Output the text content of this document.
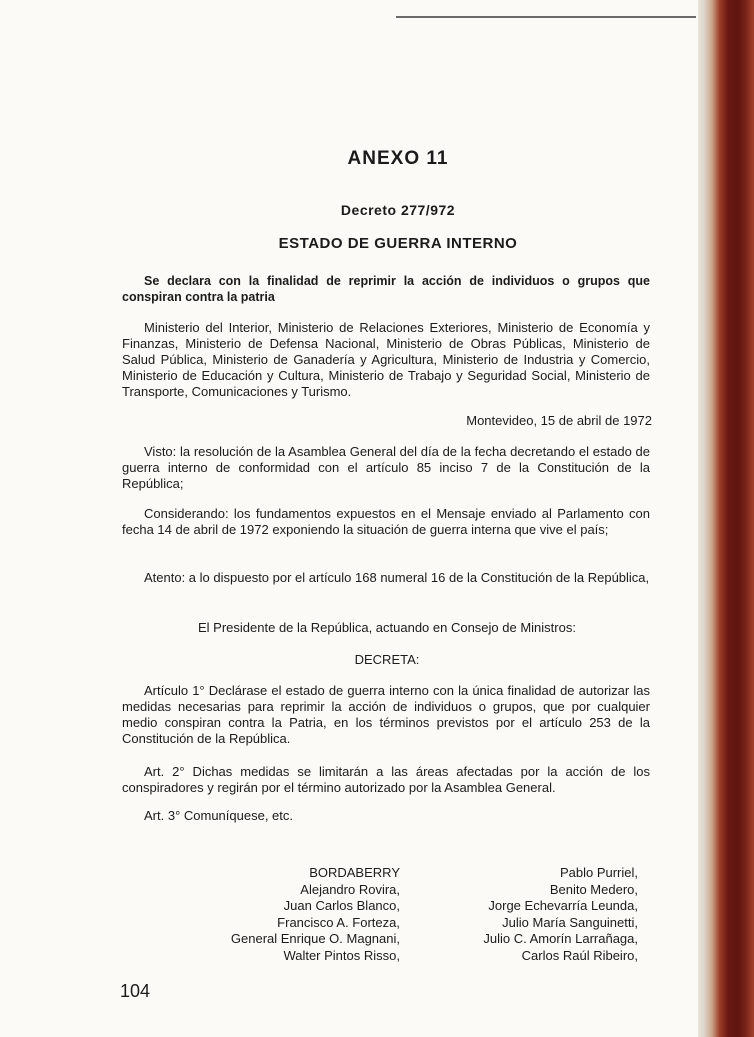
ANEXO 11
Decreto 277/972
ESTADO DE GUERRA INTERNO

Se declara con la finalidad de reprimir la acción de individuos o grupos que conspiran contra la patria

Ministerio del Interior, Ministerio de Relaciones Exteriores, Ministerio de Economía y Finanzas, Ministerio de Defensa Nacional, Ministerio de Obras Públicas, Ministerio de Salud Pública, Ministerio de Ganadería y Agricultura, Ministerio de Industria y Comercio, Ministerio de Educación y Cultura, Ministerio de Trabajo y Seguridad Social, Ministerio de Transporte, Comunicaciones y Turismo.

Montevideo, 15 de abril de 1972

Visto: la resolución de la Asamblea General del día de la fecha decretando el estado de guerra interno de conformidad con el artículo 85 inciso 7 de la Constitución de la República;

Considerando: los fundamentos expuestos en el Mensaje enviado al Parlamento con fecha 14 de abril de 1972 exponiendo la situación de guerra interna que vive el país;

Atento: a lo dispuesto por el artículo 168 numeral 16 de la Constitución de la República,

El Presidente de la República, actuando en Consejo de Ministros:
DECRETA:

Artículo 1° Declárase el estado de guerra interno con la única finalidad de autorizar las medidas necesarias para reprimir la acción de individuos o grupos, que por cualquier medio conspiran contra la Patria, en los términos previstos por el artículo 253 de la Constitución de la República.

Art. 2° Dichas medidas se limitarán a las áreas afectadas por la acción de los conspiradores y regirán por el término autorizado por la Asamblea General.

Art. 3° Comuníquese, etc.

BORDABERRY
Alejandro Rovira,
Juan Carlos Blanco,
Francisco A. Forteza,
General Enrique O. Magnani,
Walter Pintos Risso,
Pablo Purriel,
Benito Medero,
Jorge Echevarría Leunda,
Julio María Sanguinetti,
Julio C. Amorín Larrañaga,
Carlos Raúl Ribeiro,
104
